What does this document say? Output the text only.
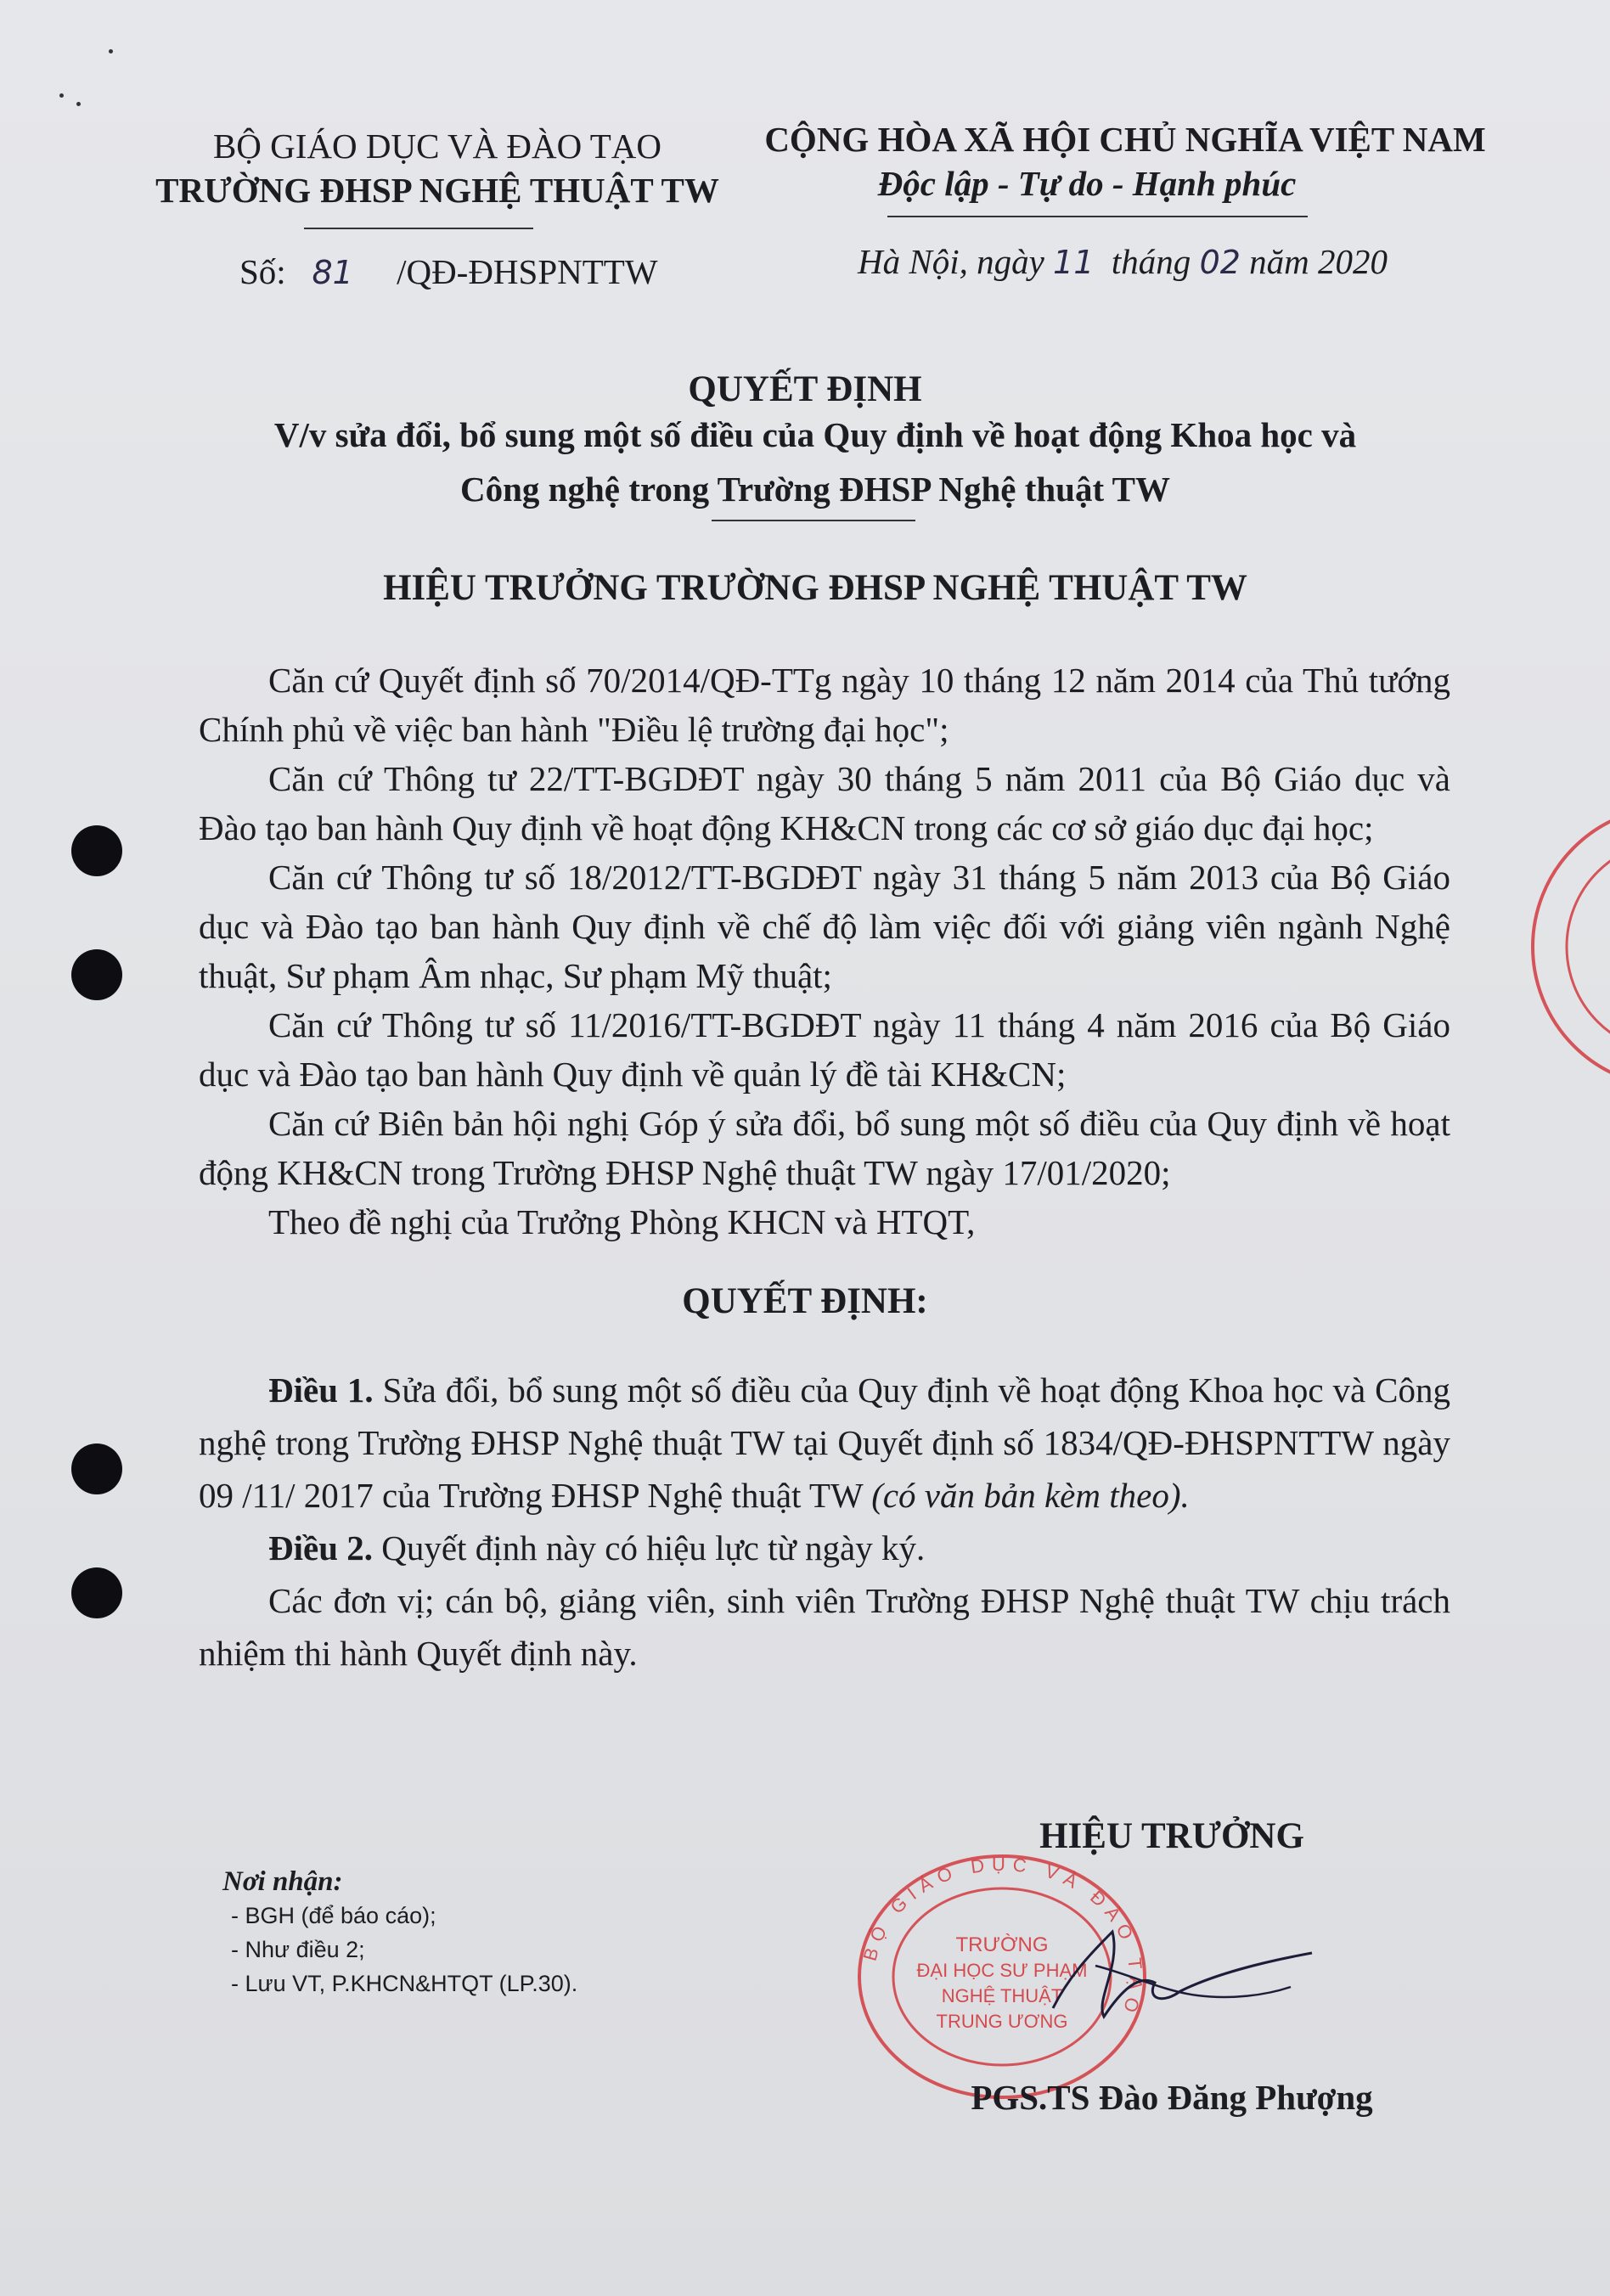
BỘ GIÁO DỤC VÀ ĐÀO TẠO
TRƯỜNG ĐHSP NGHỆ THUẬT TW
CỘNG HÒA XÃ HỘI CHỦ NGHĨA VIỆT NAM
Độc lập - Tự do - Hạnh phúc
Số: 81 /QĐ-ĐHSPNTTW	Hà Nội, ngày 11 tháng 02 năm 2020
QUYẾT ĐỊNH
V/v sửa đổi, bổ sung một số điều của Quy định về hoạt động Khoa học và
Công nghệ trong Trường ĐHSP Nghệ thuật TW
HIỆU TRƯỞNG TRƯỜNG ĐHSP NGHỆ THUẬT TW

Căn cứ Quyết định số 70/2014/QĐ-TTg ngày 10 tháng 12 năm 2014 của Thủ tướng Chính phủ về việc ban hành "Điều lệ trường đại học";

Căn cứ Thông tư 22/TT-BGDĐT ngày 30 tháng 5 năm 2011 của Bộ Giáo dục và Đào tạo ban hành Quy định về hoạt động KH&CN trong các cơ sở giáo dục đại học;

Căn cứ Thông tư số 18/2012/TT-BGDĐT ngày 31 tháng 5 năm 2013 của Bộ Giáo dục và Đào tạo ban hành Quy định về chế độ làm việc đối với giảng viên ngành Nghệ thuật, Sư phạm Âm nhạc, Sư phạm Mỹ thuật;

Căn cứ Thông tư số 11/2016/TT-BGDĐT ngày 11 tháng 4 năm 2016 của Bộ Giáo dục và Đào tạo ban hành Quy định về quản lý đề tài KH&CN;

Căn cứ Biên bản hội nghị Góp ý sửa đổi, bổ sung một số điều của Quy định về hoạt động KH&CN trong Trường ĐHSP Nghệ thuật TW ngày 17/01/2020;

Theo đề nghị của Trưởng Phòng KHCN và HTQT,

QUYẾT ĐỊNH:

Điều 1. Sửa đổi, bổ sung một số điều của Quy định về hoạt động Khoa học và Công nghệ trong Trường ĐHSP Nghệ thuật TW tại Quyết định số 1834/QĐ-ĐHSPNTTW ngày 09 /11/ 2017 của Trường ĐHSP Nghệ thuật TW (có văn bản kèm theo).

Điều 2. Quyết định này có hiệu lực từ ngày ký.

Các đơn vị; cán bộ, giảng viên, sinh viên Trường ĐHSP Nghệ thuật TW chịu trách nhiệm thi hành Quyết định này.

Nơi nhận:
- BGH (để báo cáo);
- Như điều 2;
- Lưu VT, P.KHCN&HTQT (LP.30).
HIỆU TRƯỞNG
BỘ GIÁO DỤC VÀ ĐÀO TẠO
TRƯỜNG
ĐẠI HỌC SƯ PHẠM
NGHỆ THUẬT
TRUNG ƯƠNG
PGS.TS Đào Đăng Phượng
